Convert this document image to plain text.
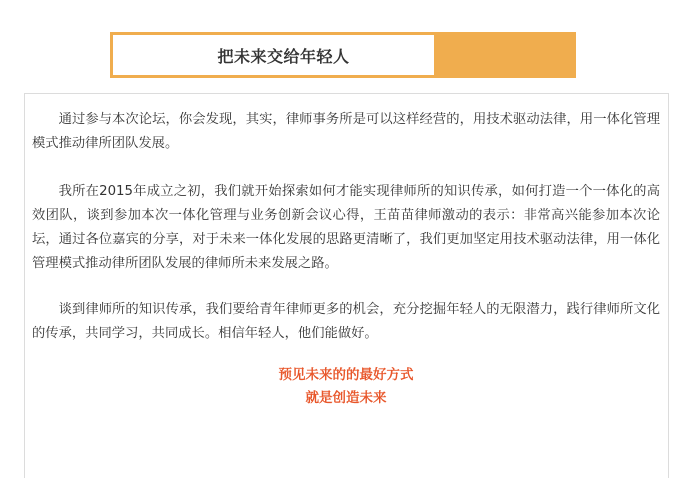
把未来交给年轻人

通过参与本次论坛，你会发现，其实，律师事务所是可以这样经营的，用技术驱动法律，用一体化管理模式推动律所团队发展。

我所在2015年成立之初，我们就开始探索如何才能实现律师所的知识传承，如何打造一个一体化的高效团队，谈到参加本次一体化管理与业务创新会议心得，王苗苗律师激动的表示：非常高兴能参加本次论坛，通过各位嘉宾的分享，对于未来一体化发展的思路更清晰了，我们更加坚定用技术驱动法律，用一体化管理模式推动律所团队发展的律师所未来发展之路。

谈到律师所的知识传承，我们要给青年律师更多的机会，充分挖掘年轻人的无限潜力，践行律师所文化的传承，共同学习，共同成长。相信年轻人，他们能做好。

预见未来的的最好方式
就是创造未来
